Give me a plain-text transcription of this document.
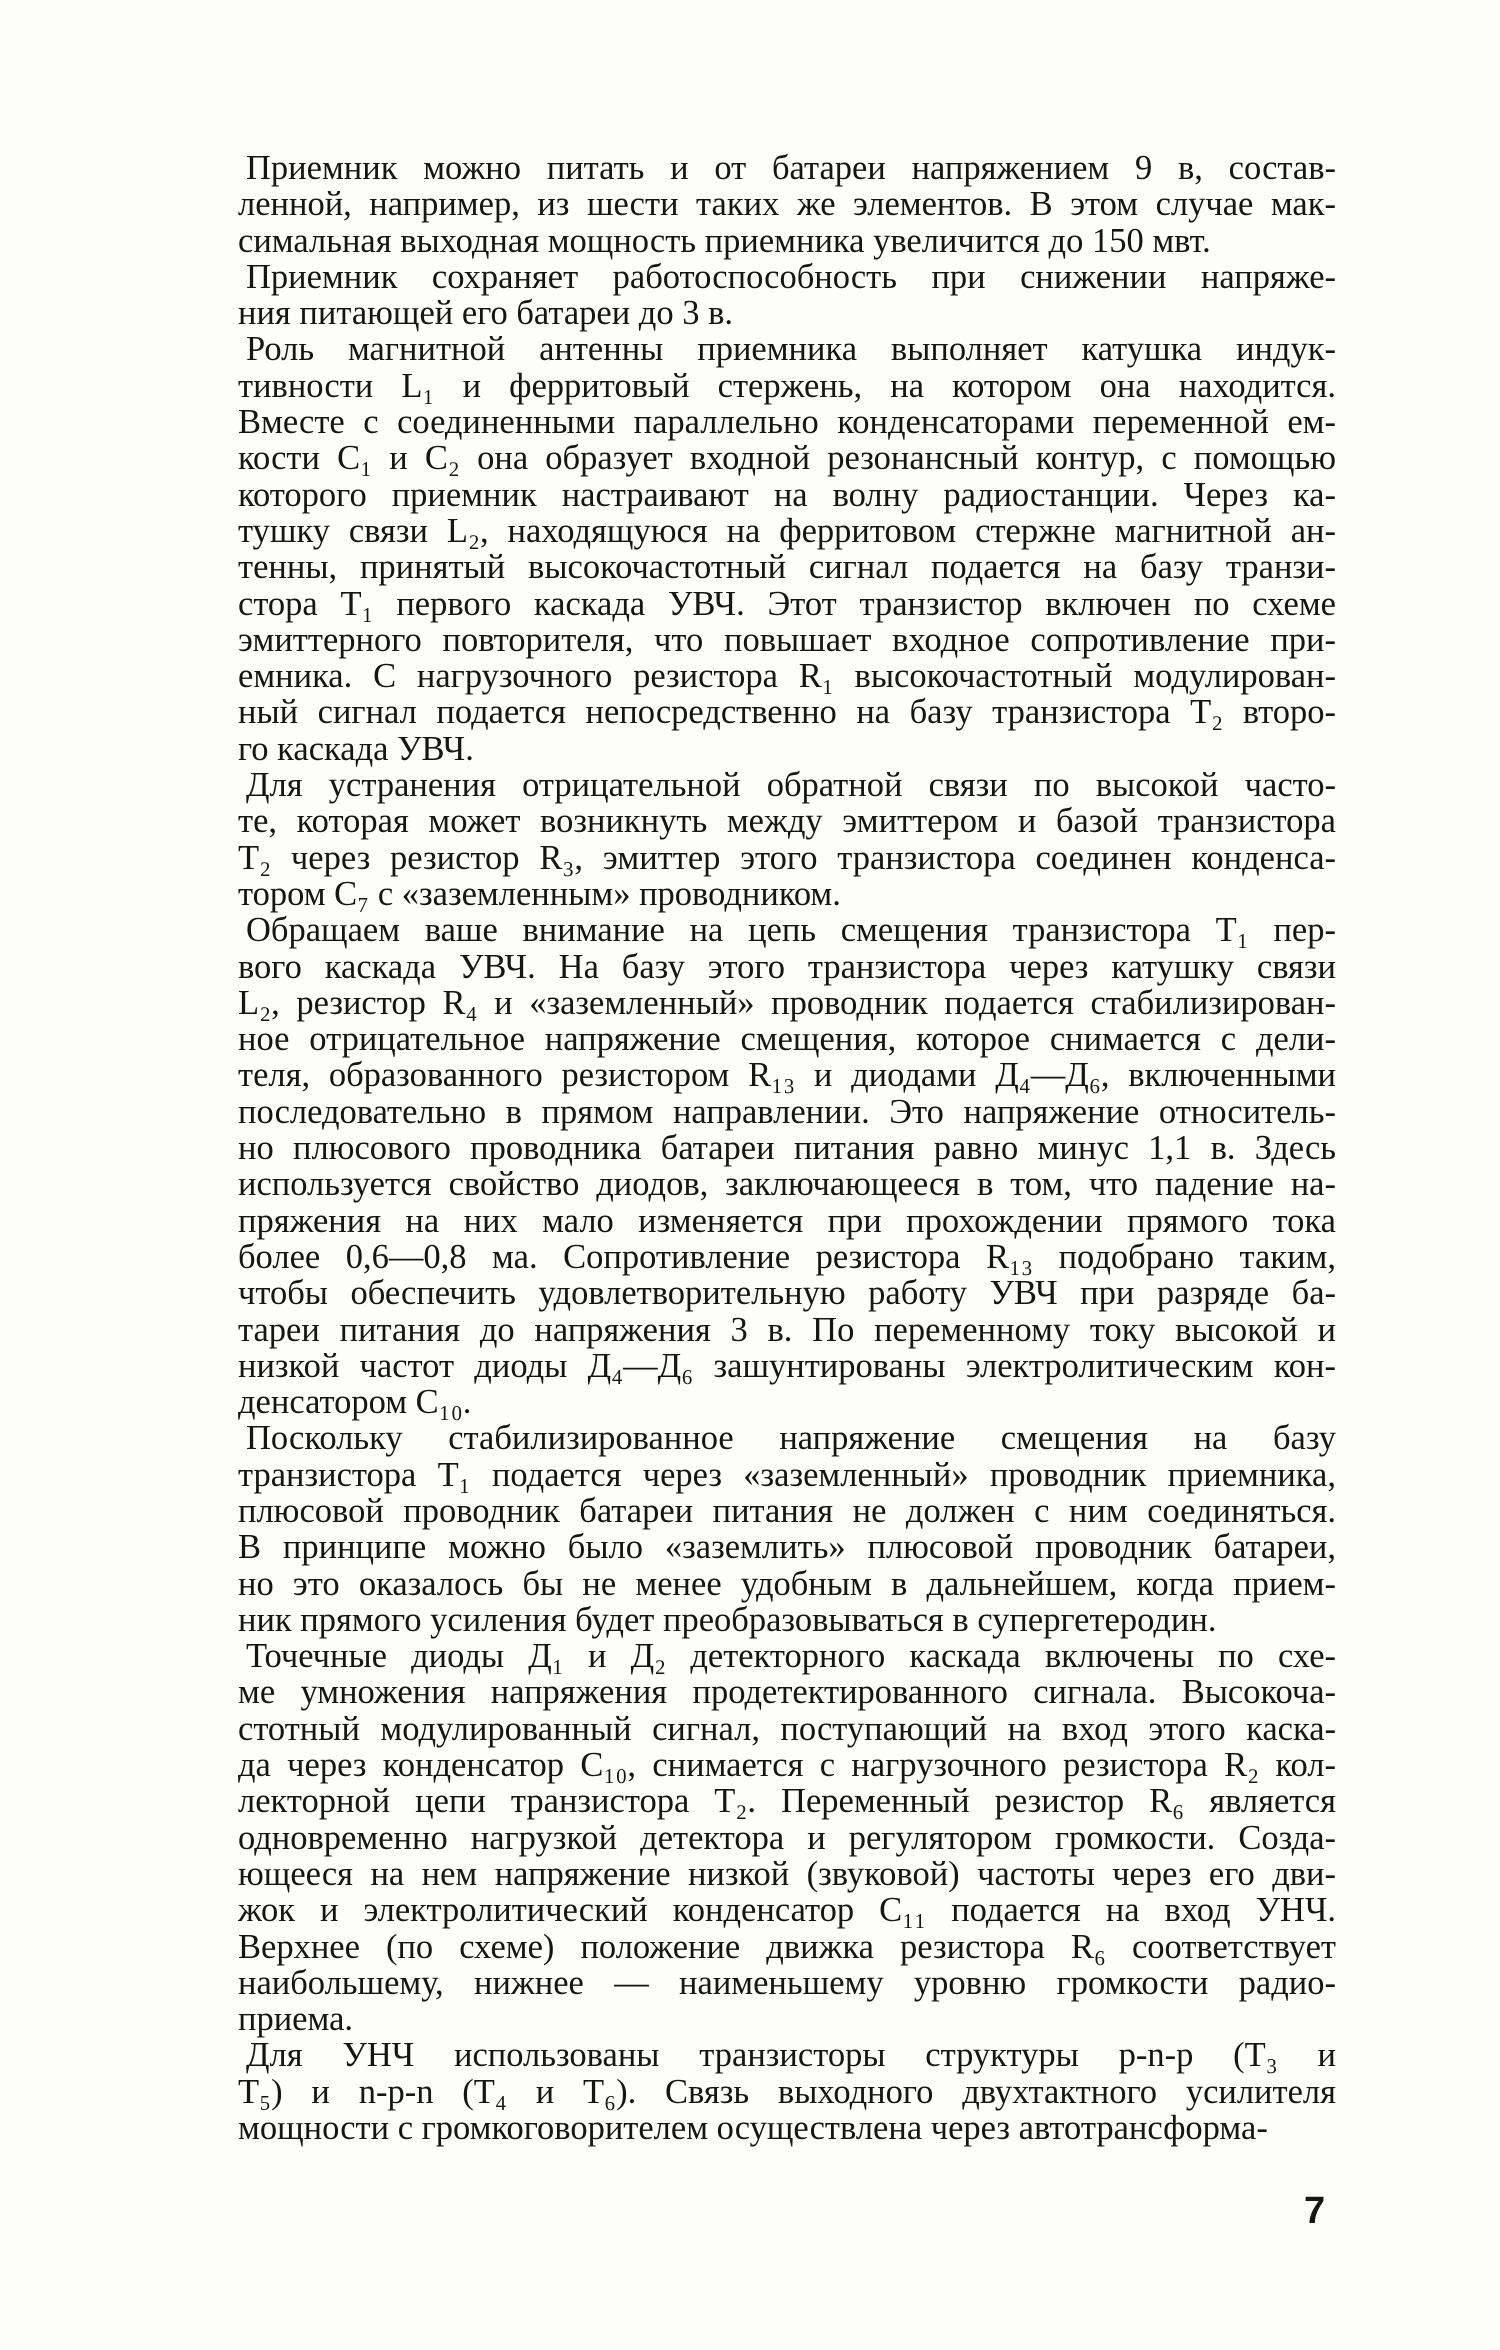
Приемник можно питать и от батареи напряжением 9 в, состав-
ленной, например, из шести таких же элементов. В этом случае мак-
симальная выходная мощность приемника увеличится до 150 мвт.
Приемник сохраняет работоспособность при снижении напряже-
ния питающей его батареи до 3 в.
Роль магнитной антенны приемника выполняет катушка индук-
тивности L₁ и ферритовый стержень, на котором она находится.
Вместе с соединенными параллельно конденсаторами переменной ем-
кости C₁ и C₂ она образует входной резонансный контур, с помощью
которого приемник настраивают на волну радиостанции. Через ка-
тушку связи L₂, находящуюся на ферритовом стержне магнитной ан-
тенны, принятый высокочастотный сигнал подается на базу транзи-
стора T₁ первого каскада УВЧ. Этот транзистор включен по схеме
эмиттерного повторителя, что повышает входное сопротивление при-
емника. С нагрузочного резистора R₁ высокочастотный модулирован-
ный сигнал подается непосредственно на базу транзистора T₂ второ-
го каскада УВЧ.
Для устранения отрицательной обратной связи по высокой часто-
те, которая может возникнуть между эмиттером и базой транзистора
T₂ через резистор R₃, эмиттер этого транзистора соединен конденса-
тором C₇ с «заземленным» проводником.
Обращаем ваше внимание на цепь смещения транзистора T₁ пер-
вого каскада УВЧ. На базу этого транзистора через катушку связи
L₂, резистор R₄ и «заземленный» проводник подается стабилизирован-
ное отрицательное напряжение смещения, которое снимается с дели-
теля, образованного резистором R₁₃ и диодами Д₄—Д₆, включенными
последовательно в прямом направлении. Это напряжение относитель-
но плюсового проводника батареи питания равно минус 1,1 в. Здесь
используется свойство диодов, заключающееся в том, что падение на-
пряжения на них мало изменяется при прохождении прямого тока
более 0,6—0,8 ма. Сопротивление резистора R₁₃ подобрано таким,
чтобы обеспечить удовлетворительную работу УВЧ при разряде ба-
тареи питания до напряжения 3 в. По переменному току высокой и
низкой частот диоды Д₄—Д₆ зашунтированы электролитическим кон-
денсатором C₁₀.
Поскольку стабилизированное напряжение смещения на базу
транзистора T₁ подается через «заземленный» проводник приемника,
плюсовой проводник батареи питания не должен с ним соединяться.
В принципе можно было «заземлить» плюсовой проводник батареи,
но это оказалось бы не менее удобным в дальнейшем, когда прием-
ник прямого усиления будет преобразовываться в супергетеродин.
Точечные диоды Д₁ и Д₂ детекторного каскада включены по схе-
ме умножения напряжения продетектированного сигнала. Высокоча-
стотный модулированный сигнал, поступающий на вход этого каска-
да через конденсатор C₁₀, снимается с нагрузочного резистора R₂ кол-
лекторной цепи транзистора T₂. Переменный резистор R₆ является
одновременно нагрузкой детектора и регулятором громкости. Созда-
ющееся на нем напряжение низкой (звуковой) частоты через его дви-
жок и электролитический конденсатор C₁₁ подается на вход УНЧ.
Верхнее (по схеме) положение движка резистора R₆ соответствует
наибольшему, нижнее — наименьшему уровню громкости радио-
приема.
Для УНЧ использованы транзисторы структуры p-n-p (T₃ и
T₅) и n-p-n (T₄ и T₆). Связь выходного двухтактного усилителя
мощности с громкоговорителем осуществлена через автотрансформа-
7
